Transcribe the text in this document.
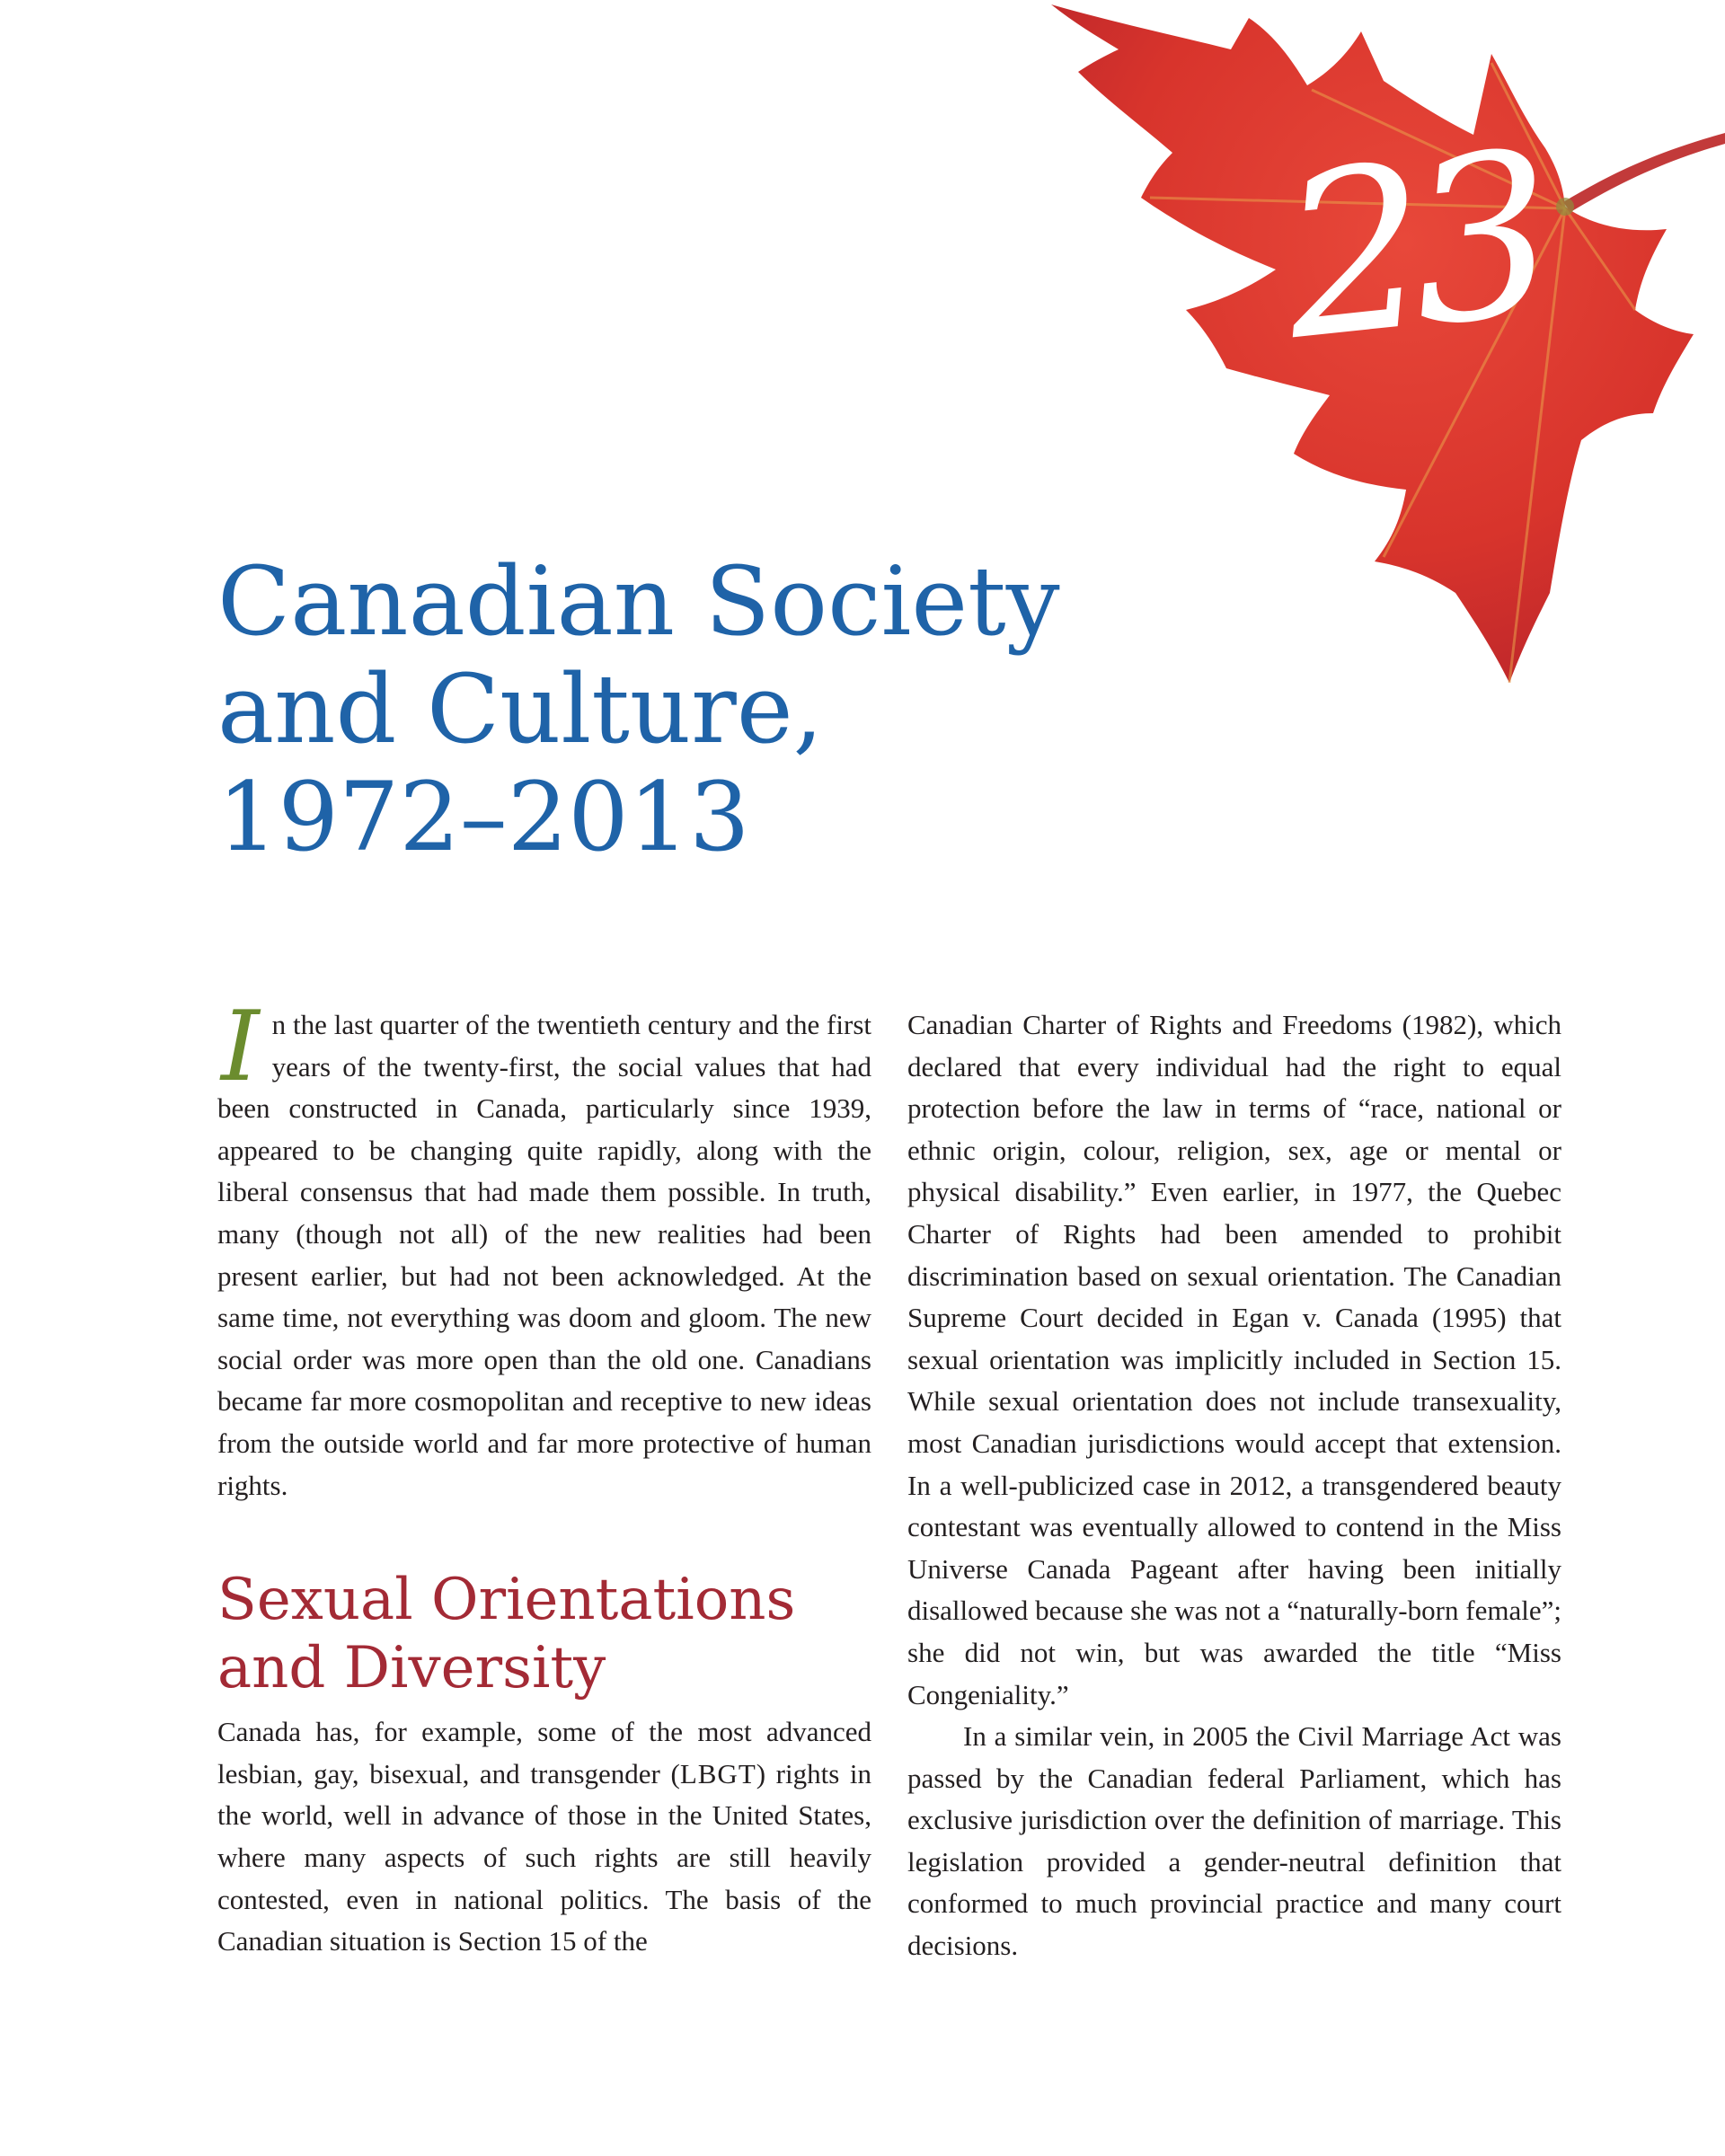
23
Canadian Society
and Culture,
1972–2013

In the last quarter of the twentieth century and the first years of the twenty-first, the social values that had been constructed in Canada, particularly since 1939, appeared to be changing quite rapidly, along with the liberal consensus that had made them possible. In truth, many (though not all) of the new realities had been present earlier, but had not been acknowledged. At the same time, not everything was doom and gloom. The new social order was more open than the old one. Canadians became far more cosmopolitan and receptive to new ideas from the outside world and far more protective of human rights.

Sexual Orientations
and Diversity

Canada has, for example, some of the most advanced lesbian, gay, bisexual, and transgender (LBGT) rights in the world, well in advance of those in the United States, where many aspects of such rights are still heavily contested, even in national politics. The basis of the Canadian situation is Section 15 of the

Canadian Charter of Rights and Freedoms (1982), which declared that every individual had the right to equal protection before the law in terms of “race, national or ethnic origin, colour, religion, sex, age or mental or physical disability.” Even earlier, in 1977, the Quebec Charter of Rights had been amended to prohibit discrimination based on sexual orientation. The Canadian Supreme Court decided in Egan v. Canada (1995) that sexual orientation was implicitly included in Section 15. While sexual orientation does not include transexuality, most Canadian jurisdictions would accept that extension. In a well-publicized case in 2012, a transgendered beauty contestant was eventually allowed to contend in the Miss Universe Canada Pageant after having been initially disallowed because she was not a “naturally-born female”; she did not win, but was awarded the title “Miss Congeniality.”

In a similar vein, in 2005 the Civil Marriage Act was passed by the Canadian federal Parliament, which has exclusive jurisdiction over the definition of marriage. This legislation provided a gender-neutral definition that conformed to much provincial practice and many court decisions.
